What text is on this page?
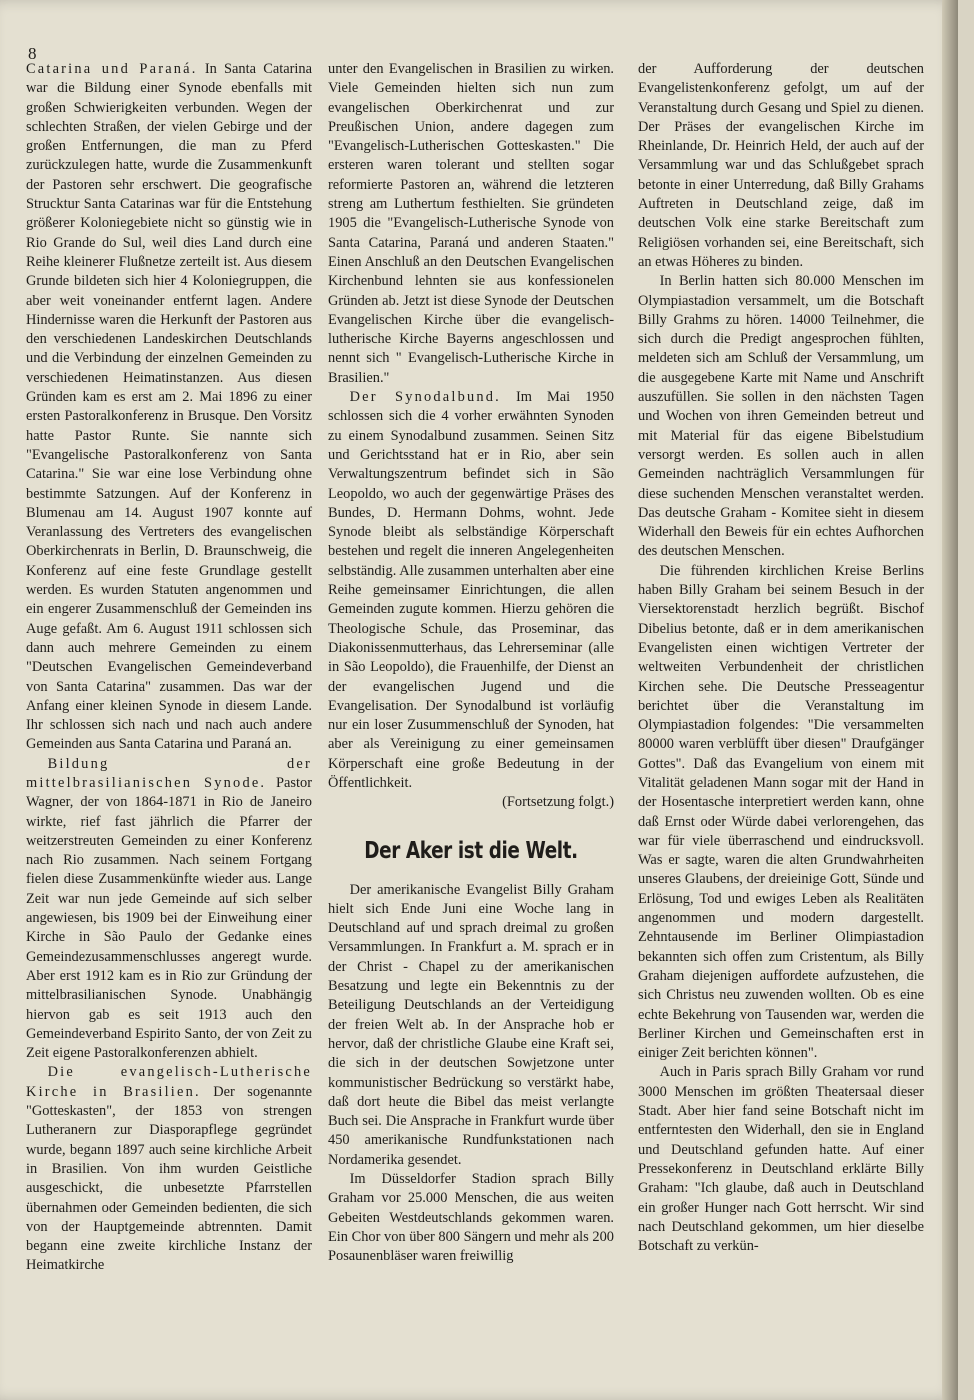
8

Catarina und Paraná. In Santa Catarina war die Bildung einer Synode ebenfalls mit großen Schwierigkeiten verbunden. Wegen der schlechten Straßen, der vielen Gebirge und der großen Entfernungen, die man zu Pferd zurückzulegen hatte, wurde die Zusammenkunft der Pastoren sehr erschwert. Die geografische Strucktur Santa Catarinas war für die Entstehung größerer Koloniegebiete nicht so günstig wie in Rio Grande do Sul, weil dies Land durch eine Reihe kleinerer Flußnetze zerteilt ist. Aus diesem Grunde bildeten sich hier 4 Koloniegruppen, die aber weit voneinander entfernt lagen. Andere Hindernisse waren die Herkunft der Pastoren aus den verschiedenen Landeskirchen Deutschlands und die Verbindung der einzelnen Gemeinden zu verschiedenen Heimatinstanzen. Aus diesen Gründen kam es erst am 2. Mai 1896 zu einer ersten Pastoralkonferenz in Brusque. Den Vorsitz hatte Pastor Runte. Sie nannte sich "Evangelische Pastoralkonferenz von Santa Catarina." Sie war eine lose Verbindung ohne bestimmte Satzungen. Auf der Konferenz in Blumenau am 14. August 1907 konnte auf Veranlassung des Vertreters des evangelischen Oberkirchenrats in Berlin, D. Braunschweig, die Konferenz auf eine feste Grundlage gestellt werden. Es wurden Statuten angenommen und ein engerer Zusammenschluß der Gemeinden ins Auge gefaßt. Am 6. August 1911 schlossen sich dann auch mehrere Gemeinden zu einem "Deutschen Evangelischen Gemeindeverband von Santa Catarina" zusammen. Das war der Anfang einer kleinen Synode in diesem Lande. Ihr schlossen sich nach und nach auch andere Gemeinden aus Santa Catarina und Paraná an.

Bildung der mittelbrasilianischen Synode. Pastor Wagner, der von 1864-1871 in Rio de Janeiro wirkte, rief fast jährlich die Pfarrer der weitzerstreuten Gemeinden zu einer Konferenz nach Rio zusammen. Nach seinem Fortgang fielen diese Zusammenkünfte wieder aus. Lange Zeit war nun jede Gemeinde auf sich selber angewiesen, bis 1909 bei der Einweihung einer Kirche in São Paulo der Gedanke eines Gemeindezusammenschlusses angeregt wurde. Aber erst 1912 kam es in Rio zur Gründung der mittelbrasilianischen Synode. Unabhängig hiervon gab es seit 1913 auch den Gemeindeverband Espirito Santo, der von Zeit zu Zeit eigene Pastoralkonferenzen abhielt.

Die evangelisch-Lutherische Kirche in Brasilien. Der sogenannte "Gotteskasten", der 1853 von strengen Lutheranern zur Diasporapflege gegründet wurde, begann 1897 auch seine kirchliche Arbeit in Brasilien. Von ihm wurden Geistliche ausgeschickt, die unbesetzte Pfarrstellen übernahmen oder Gemeinden bedienten, die sich von der Hauptgemeinde abtrennten. Damit begann eine zweite kirchliche Instanz der Heimatkirche

unter den Evangelischen in Brasilien zu wirken. Viele Gemeinden hielten sich nun zum evangelischen Oberkirchenrat und zur Preußischen Union, andere dagegen zum "Evangelisch-Lutherischen Gotteskasten." Die ersteren waren tolerant und stellten sogar reformierte Pastoren an, während die letzteren streng am Luthertum festhielten. Sie gründeten 1905 die "Evangelisch-Lutherische Synode von Santa Catarina, Paraná und anderen Staaten." Einen Anschluß an den Deutschen Evangelischen Kirchenbund lehnten sie aus konfessionelen Gründen ab. Jetzt ist diese Synode der Deutschen Evangelischen Kirche über die evangelisch-lutherische Kirche Bayerns angeschlossen und nennt sich " Evangelisch-Lutherische Kirche in Brasilien."

Der Synodalbund. Im Mai 1950 schlossen sich die 4 vorher erwähnten Synoden zu einem Synodalbund zusammen. Seinen Sitz und Gerichtsstand hat er in Rio, aber sein Verwaltungszentrum befindet sich in São Leopoldo, wo auch der gegenwärtige Präses des Bundes, D. Hermann Dohms, wohnt. Jede Synode bleibt als selbständige Körperschaft bestehen und regelt die inneren Angelegenheiten selbständig. Alle zusammen unterhalten aber eine Reihe gemeinsamer Einrichtungen, die allen Gemeinden zugute kommen. Hierzu gehören die Theologische Schule, das Proseminar, das Diakonissenmutterhaus, das Lehrerseminar (alle in São Leopoldo), die Frauenhilfe, der Dienst an der evangelischen Jugend und die Evangelisation. Der Synodalbund ist vorläufig nur ein loser Zusummenschluß der Synoden, hat aber als Vereinigung zu einer gemeinsamen Körperschaft eine große Bedeutung in der Öffentlichkeit.

(Fortsetzung folgt.)

Der Aker ist die Welt.

Der amerikanische Evangelist Billy Graham hielt sich Ende Juni eine Woche lang in Deutschland auf und sprach dreimal zu großen Versammlungen. In Frankfurt a. M. sprach er in der Christ - Chapel zu der amerikanischen Besatzung und legte ein Bekenntnis zu der Beteiligung Deutschlands an der Verteidigung der freien Welt ab. In der Ansprache hob er hervor, daß der christliche Glaube eine Kraft sei, die sich in der deutschen Sowjetzone unter kommunistischer Bedrückung so verstärkt habe, daß dort heute die Bibel das meist verlangte Buch sei. Die Ansprache in Frankfurt wurde über 450 amerikanische Rundfunkstationen nach Nordamerika gesendet.

Im Düsseldorfer Stadion sprach Billy Graham vor 25.000 Menschen, die aus weiten Gebeiten Westdeutschlands gekommen waren. Ein Chor von über 800 Sängern und mehr als 200 Posaunenbläser waren freiwillig

der Aufforderung der deutschen Evangelistenkonferenz gefolgt, um auf der Veranstaltung durch Gesang und Spiel zu dienen. Der Präses der evangelischen Kirche im Rheinlande, Dr. Heinrich Held, der auch auf der Versammlung war und das Schlußgebet sprach betonte in einer Unterredung, daß Billy Grahams Auftreten in Deutschland zeige, daß im deutschen Volk eine starke Bereitschaft zum Religiösen vorhanden sei, eine Bereitschaft, sich an etwas Höheres zu binden.

In Berlin hatten sich 80.000 Menschen im Olympiastadion versammelt, um die Botschaft Billy Grahms zu hören. 14000 Teilnehmer, die sich durch die Predigt angesprochen fühlten, meldeten sich am Schluß der Versammlung, um die ausgegebene Karte mit Name und Anschrift auszufüllen. Sie sollen in den nächsten Tagen und Wochen von ihren Gemeinden betreut und mit Material für das eigene Bibelstudium versorgt werden. Es sollen auch in allen Gemeinden nachträglich Versammlungen für diese suchenden Menschen veranstaltet werden. Das deutsche Graham - Komitee sieht in diesem Widerhall den Beweis für ein echtes Aufhorchen des deutschen Menschen.

Die führenden kirchlichen Kreise Berlins haben Billy Graham bei seinem Besuch in der Viersektorenstadt herzlich begrüßt. Bischof Dibelius betonte, daß er in dem amerikanischen Evangelisten einen wichtigen Vertreter der weltweiten Verbundenheit der christlichen Kirchen sehe. Die Deutsche Presseagentur berichtet über die Veranstaltung im Olympiastadion folgendes: "Die versammelten 80000 waren verblüfft über diesen" Draufgänger Gottes". Daß das Evangelium von einem mit Vitalität geladenen Mann sogar mit der Hand in der Hosentasche interpretiert werden kann, ohne daß Ernst oder Würde dabei verlorengehen, das war für viele überraschend und eindrucksvoll. Was er sagte, waren die alten Grundwahrheiten unseres Glaubens, der dreieinige Gott, Sünde und Erlösung, Tod und ewiges Leben als Realitäten angenommen und modern dargestellt. Zehntausende im Berliner Olimpiastadion bekannten sich offen zum Cristentum, als Billy Graham diejenigen auffordete aufzustehen, die sich Christus neu zuwenden wollten. Ob es eine echte Bekehrung von Tausenden war, werden die Berliner Kirchen und Gemeinschaften erst in einiger Zeit berichten können".

Auch in Paris sprach Billy Graham vor rund 3000 Menschen im größten Theatersaal dieser Stadt. Aber hier fand seine Botschaft nicht im entferntesten den Widerhall, den sie in England und Deutschland gefunden hatte. Auf einer Pressekonferenz in Deutschland erklärte Billy Graham: "Ich glaube, daß auch in Deutschland ein großer Hunger nach Gott herrscht. Wir sind nach Deutschland gekommen, um hier dieselbe Botschaft zu verkün-
